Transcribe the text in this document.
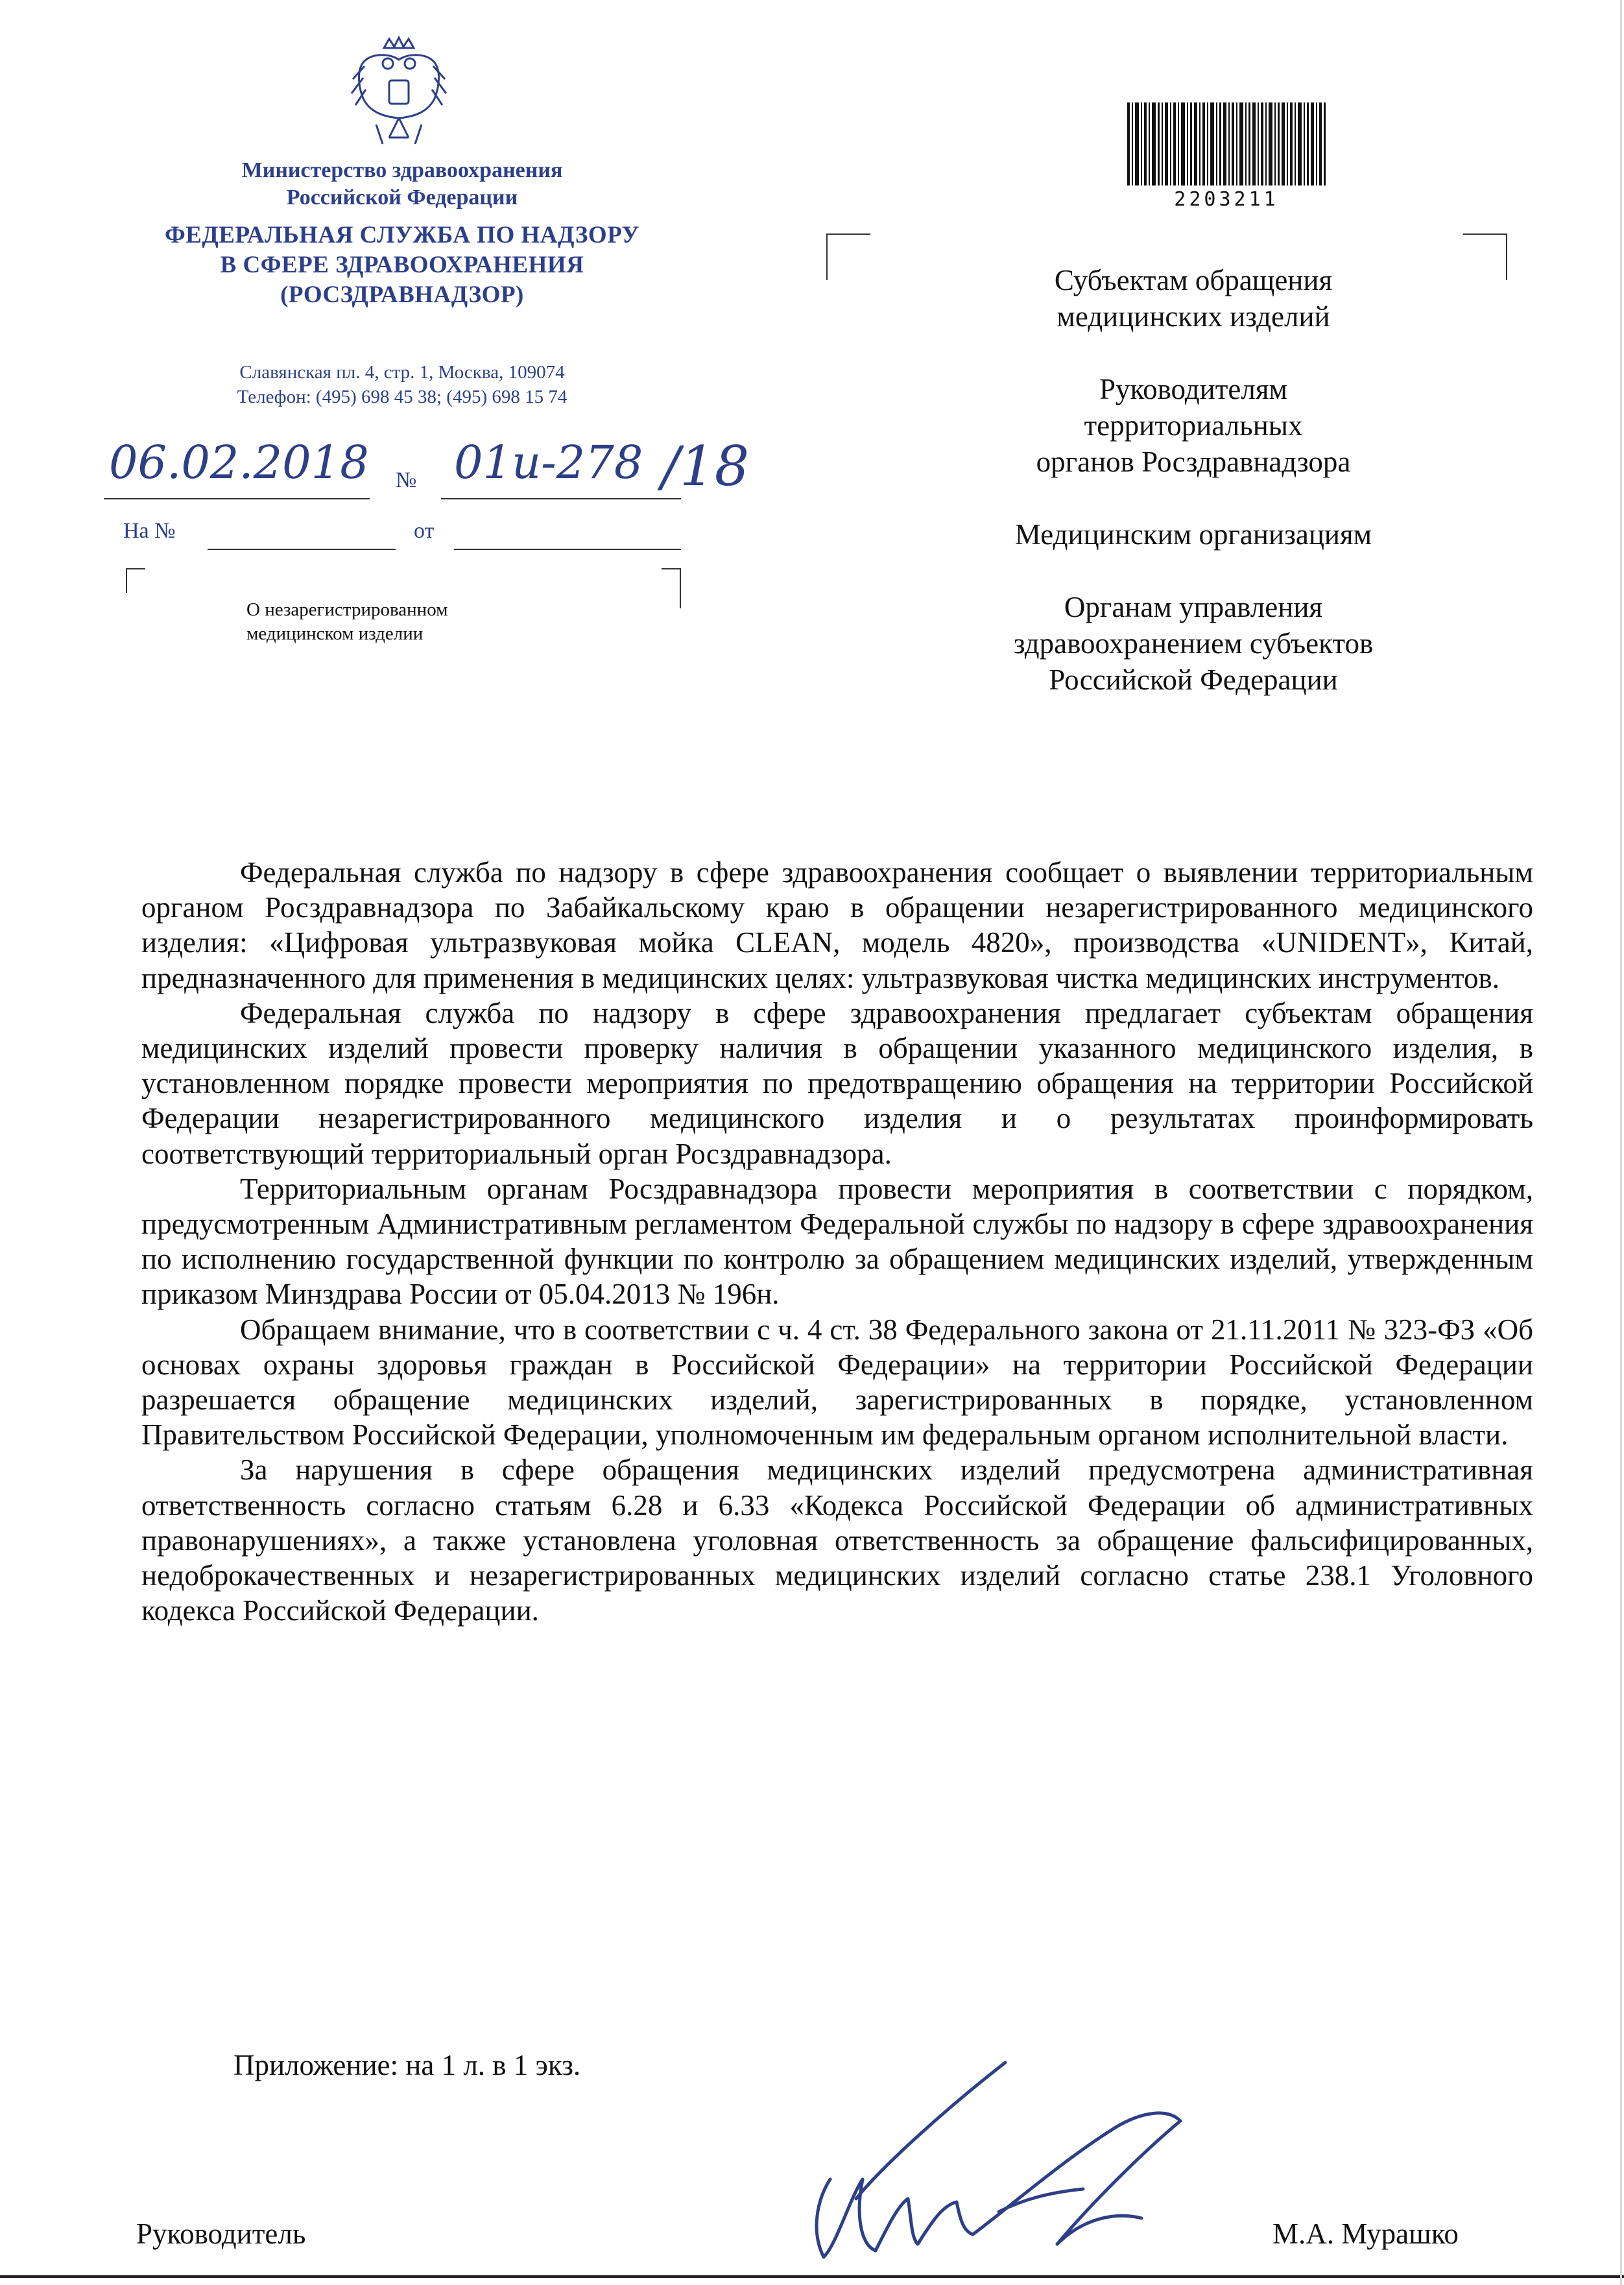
Министерство здравоохранения
Российской Федерации
ФЕДЕРАЛЬНАЯ СЛУЖБА ПО НАДЗОРУ
В СФЕРЕ ЗДРАВООХРАНЕНИЯ
(РОСЗДРАВНАДЗОР)
Славянская пл. 4, стр. 1, Москва, 109074
Телефон: (495) 698 45 38; (495) 698 15 74
06.02.2018 № 01и-278 /18
На №	от
О незарегистрированном
медицинском изделии
2203211
Субъектам обращения
медицинских изделий
Руководителям
территориальных
органов Росздравнадзора
Медицинским организациям
Органам управления
здравоохранением субъектов
Российской Федерации

Федеральная служба по надзору в сфере здравоохранения сообщает о выявлении территориальным органом Росздравнадзора по Забайкальскому краю в обращении незарегистрированного медицинского изделия: «Цифровая ультразвуковая мойка CLEAN, модель 4820», производства «UNIDENT», Китай, предназначенного для применения в медицинских целях: ультразвуковая чистка медицинских инструментов.

Федеральная служба по надзору в сфере здравоохранения предлагает субъектам обращения медицинских изделий провести проверку наличия в обращении указанного медицинского изделия, в установленном порядке провести мероприятия по предотвращению обращения на территории Российской Федерации незарегистрированного медицинского изделия и о результатах проинформировать соответствующий территориальный орган Росздравнадзора.

Территориальным органам Росздравнадзора провести мероприятия в соответствии с порядком, предусмотренным Административным регламентом Федеральной службы по надзору в сфере здравоохранения по исполнению государственной функции по контролю за обращением медицинских изделий, утвержденным приказом Минздрава России от 05.04.2013 № 196н.

Обращаем внимание, что в соответствии с ч. 4 ст. 38 Федерального закона от 21.11.2011 № 323-ФЗ «Об основах охраны здоровья граждан в Российской Федерации» на территории Российской Федерации разрешается обращение медицинских изделий, зарегистрированных в порядке, установленном Правительством Российской Федерации, уполномоченным им федеральным органом исполнительной власти.

За нарушения в сфере обращения медицинских изделий предусмотрена административная ответственность согласно статьям 6.28 и 6.33 «Кодекса Российской Федерации об административных правонарушениях», а также установлена уголовная ответственность за обращение фальсифицированных, недоброкачественных и незарегистрированных медицинских изделий согласно статье 238.1 Уголовного кодекса Российской Федерации.

Приложение: на 1 л. в 1 экз.
Руководитель	М.А. Мурашко
